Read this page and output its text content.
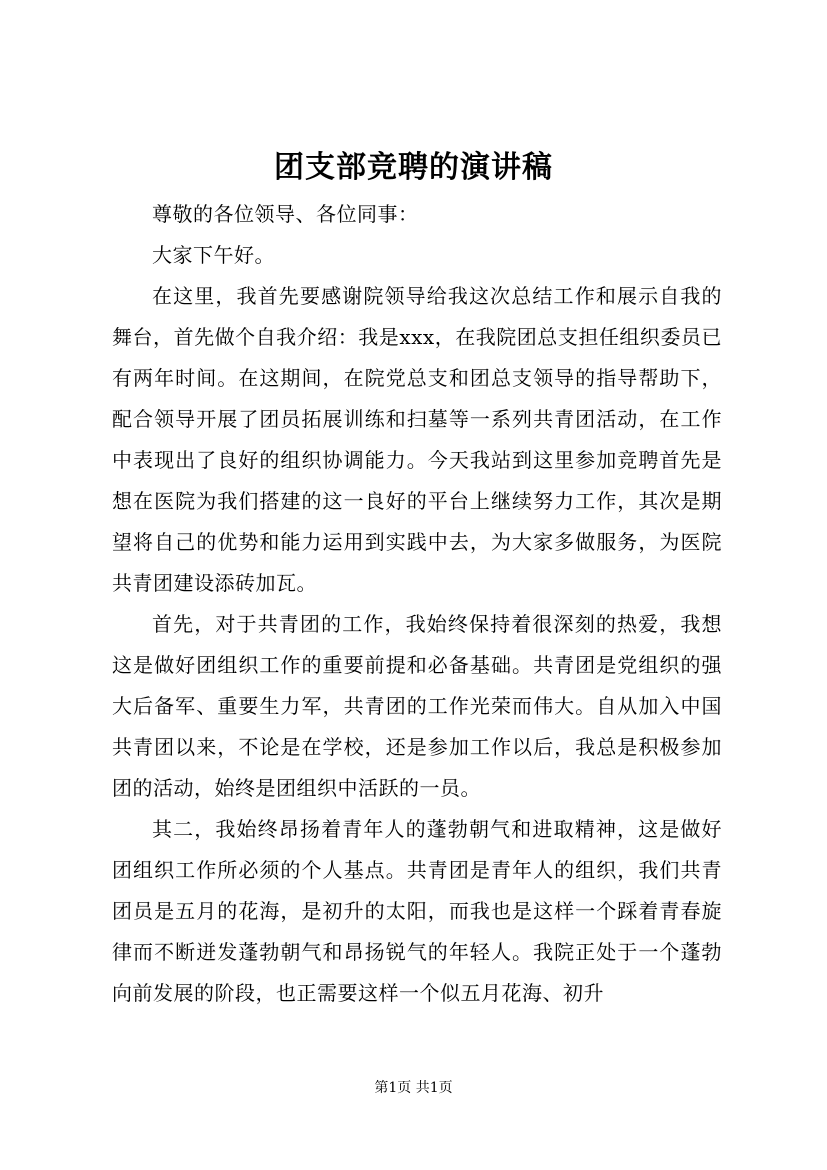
团支部竞聘的演讲稿

尊敬的各位领导、各位同事：

大家下午好。

在这里，我首先要感谢院领导给我这次总结工作和展示自我的舞台，首先做个自我介绍：我是xxx，在我院团总支担任组织委员已有两年时间。在这期间，在院党总支和团总支领导的指导帮助下，配合领导开展了团员拓展训练和扫墓等一系列共青团活动，在工作中表现出了良好的组织协调能力。今天我站到这里参加竞聘首先是想在医院为我们搭建的这一良好的平台上继续努力工作，其次是期望将自己的优势和能力运用到实践中去，为大家多做服务，为医院共青团建设添砖加瓦。

首先，对于共青团的工作，我始终保持着很深刻的热爱，我想这是做好团组织工作的重要前提和必备基础。共青团是党组织的强大后备军、重要生力军，共青团的工作光荣而伟大。自从加入中国共青团以来，不论是在学校，还是参加工作以后，我总是积极参加团的活动，始终是团组织中活跃的一员。

其二，我始终昂扬着青年人的蓬勃朝气和进取精神，这是做好团组织工作所必须的个人基点。共青团是青年人的组织，我们共青团员是五月的花海，是初升的太阳，而我也是这样一个踩着青春旋律而不断迸发蓬勃朝气和昂扬锐气的年轻人。我院正处于一个蓬勃向前发展的阶段，也正需要这样一个似五月花海、初升

第1页 共1页
